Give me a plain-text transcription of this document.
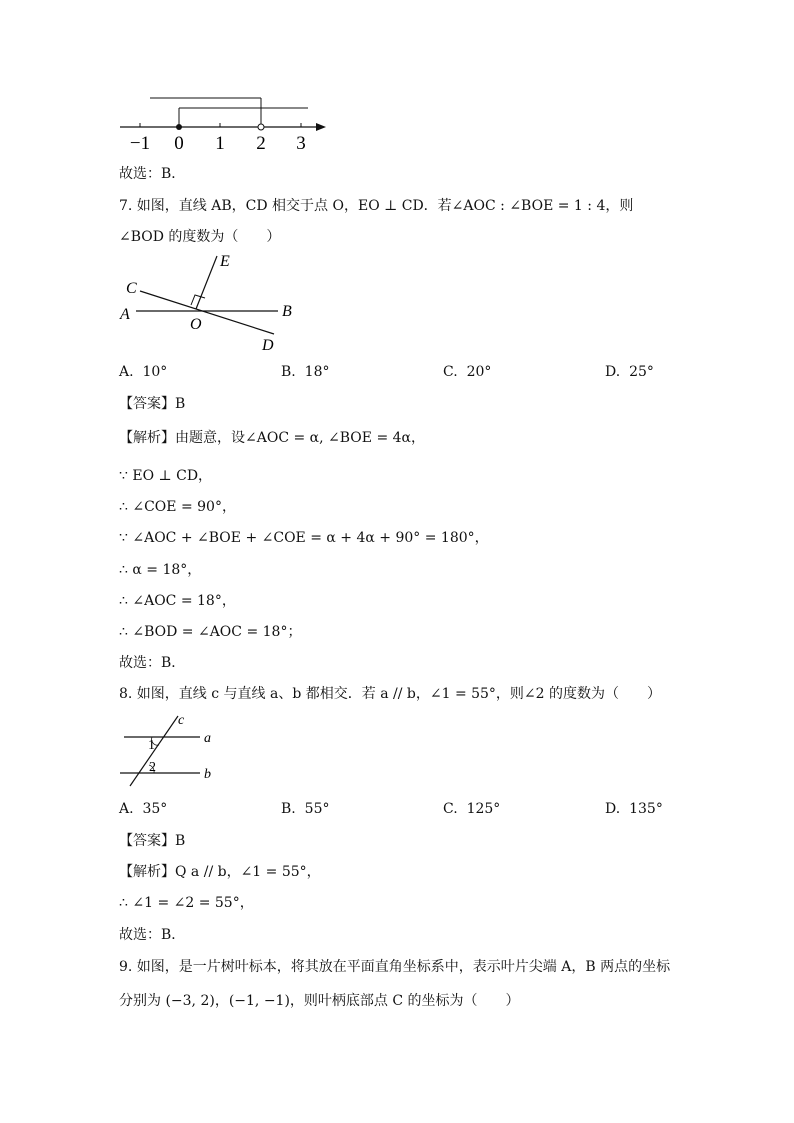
−1 0 1 2 3
故选：B．
7. 如图，直线 AB，CD 相交于点 O，EO ⊥ CD．若∠AOC : ∠BOE = 1 : 4，则
∠BOD 的度数为（　　）
C
E
A
O
B
D
A. 10°	B. 18°	C. 20°	D. 25°
【答案】B
【解析】由题意，设∠AOC = α, ∠BOE = 4α，
∵ EO ⊥ CD，
∴ ∠COE = 90°，
∵ ∠AOC + ∠BOE + ∠COE = α + 4α + 90° = 180°，
∴ α = 18°，
∴ ∠AOC = 18°，
∴ ∠BOD = ∠AOC = 18°；
故选：B．
8. 如图，直线 c 与直线 a、b 都相交．若 a // b，∠1 = 55°，则∠2 的度数为（　　）
c
a
b
1
2
A. 35°	B. 55°	C. 125°	D. 135°
【答案】B
【解析】Q a // b，∠1 = 55°，
∴ ∠1 = ∠2 = 55°，
故选：B．
9. 如图，是一片树叶标本，将其放在平面直角坐标系中，表示叶片尖端 A，B 两点的坐标
分别为 (−3, 2)，(−1, −1)，则叶柄底部点 C 的坐标为（　　）
